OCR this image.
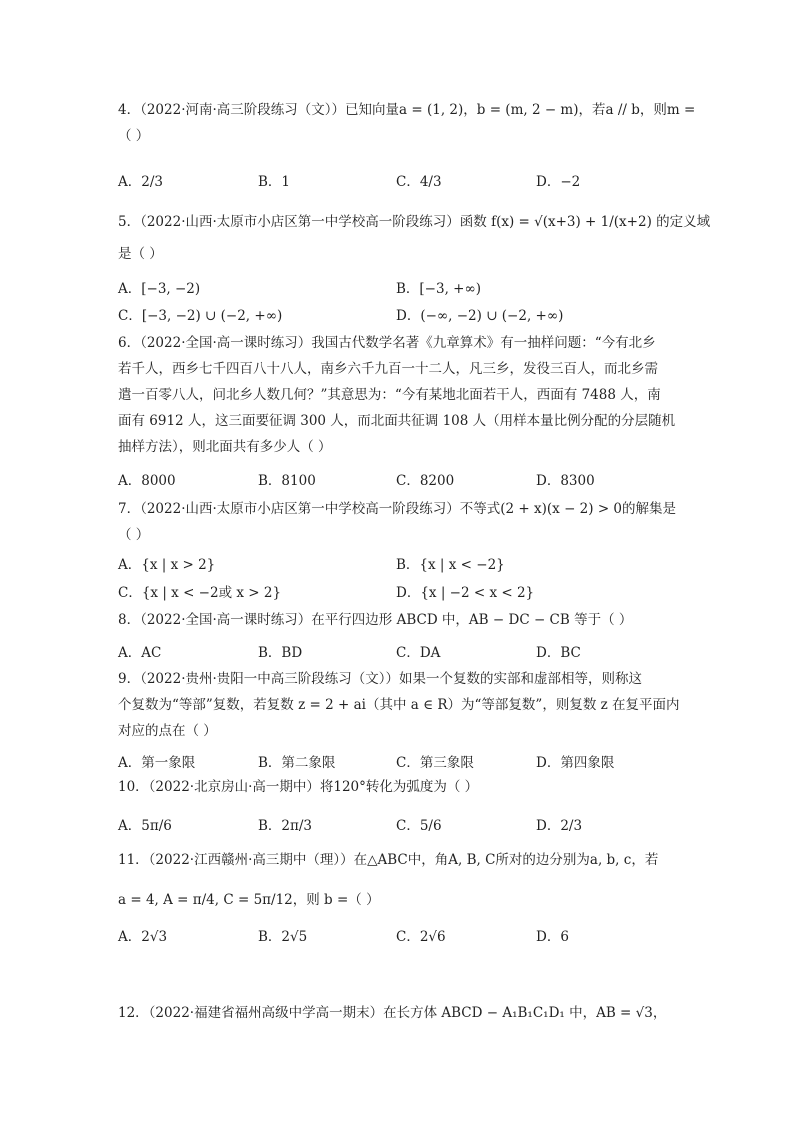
4．（2022·河南·高三阶段练习（文））已知向量a = (1, 2)，b = (m, 2 − m)，若a // b，则m =
（ ）
A．2/3	B．1	C．4/3	D．−2
5．（2022·山西·太原市小店区第一中学校高一阶段练习）函数 f(x) = √(x+3) + 1/(x+2) 的定义域
是（ ）
A．[−3, −2)	B．[−3, +∞)
C．[−3, −2) ∪ (−2, +∞)	D．(−∞, −2) ∪ (−2, +∞)
6．（2022·全国·高一课时练习）我国古代数学名著《九章算术》有一抽样问题：“今有北乡
若千人，西乡七千四百八十八人，南乡六千九百一十二人，凡三乡，发役三百人，而北乡需
遣一百零八人，问北乡人数几何？”其意思为：“今有某地北面若干人，西面有 7488 人，南
面有 6912 人，这三面要征调 300 人，而北面共征调 108 人（用样本量比例分配的分层随机
抽样方法），则北面共有多少人（ ）
A．8000	B．8100	C．8200	D．8300
7．（2022·山西·太原市小店区第一中学校高一阶段练习）不等式(2 + x)(x − 2) > 0的解集是
（ ）
A．{x | x > 2}	B．{x | x < −2}
C．{x | x < −2或 x > 2}	D．{x | −2 < x < 2}
8．（2022·全国·高一课时练习）在平行四边形 ABCD 中，AB − DC − CB 等于（ ）
A．AC	B．BD	C．DA	D．BC
9．（2022·贵州·贵阳一中高三阶段练习（文））如果一个复数的实部和虚部相等，则称这
个复数为“等部”复数，若复数 z = 2 + ai（其中 a ∈ R）为“等部复数”，则复数 z 在复平面内
对应的点在（ ）
A．第一象限	B．第二象限	C．第三象限	D．第四象限
10．（2022·北京房山·高一期中）将120°转化为弧度为（ ）
A．5π/6	B．2π/3	C．5/6	D．2/3
11．（2022·江西赣州·高三期中（理））在△ABC中，角A, B, C所对的边分别为a, b, c，若
a = 4, A = π/4, C = 5π/12，则 b =（ ）
A．2√3	B．2√5	C．2√6	D．6
12．（2022·福建省福州高级中学高一期末）在长方体 ABCD − A₁B₁C₁D₁ 中，AB = √3，
